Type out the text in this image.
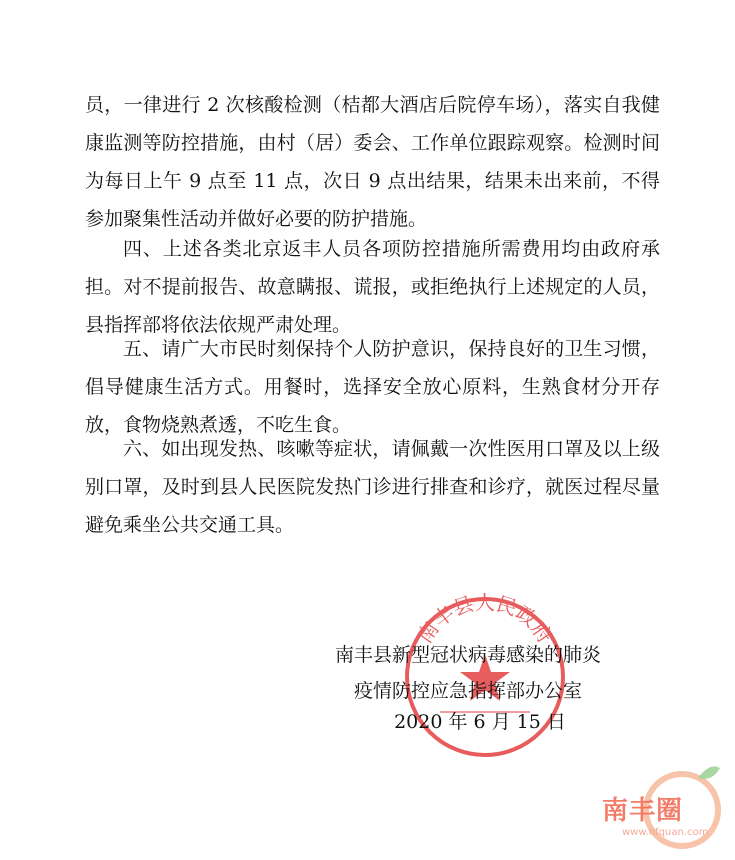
员，一律进行 2 次核酸检测（桔都大酒店后院停车场），落实自我健康监测等防控措施，由村（居）委会、工作单位跟踪观察。检测时间为每日上午 9 点至 11 点，次日 9 点出结果，结果未出来前，不得参加聚集性活动并做好必要的防护措施。

四、上述各类北京返丰人员各项防控措施所需费用均由政府承担。对不提前报告、故意瞒报、谎报，或拒绝执行上述规定的人员，县指挥部将依法依规严肃处理。

五、请广大市民时刻保持个人防护意识，保持良好的卫生习惯，倡导健康生活方式。用餐时，选择安全放心原料，生熟食材分开存放，食物烧熟煮透，不吃生食。

六、如出现发热、咳嗽等症状，请佩戴一次性医用口罩及以上级别口罩，及时到县人民医院发热门诊进行排查和诊疗，就医过程尽量避免乘坐公共交通工具。

南丰县人民政府
南丰县新型冠状病毒感染的肺炎
疫情防控应急指挥部办公室
2020 年 6 月 15 日
南丰圈
www.nfquan.com
